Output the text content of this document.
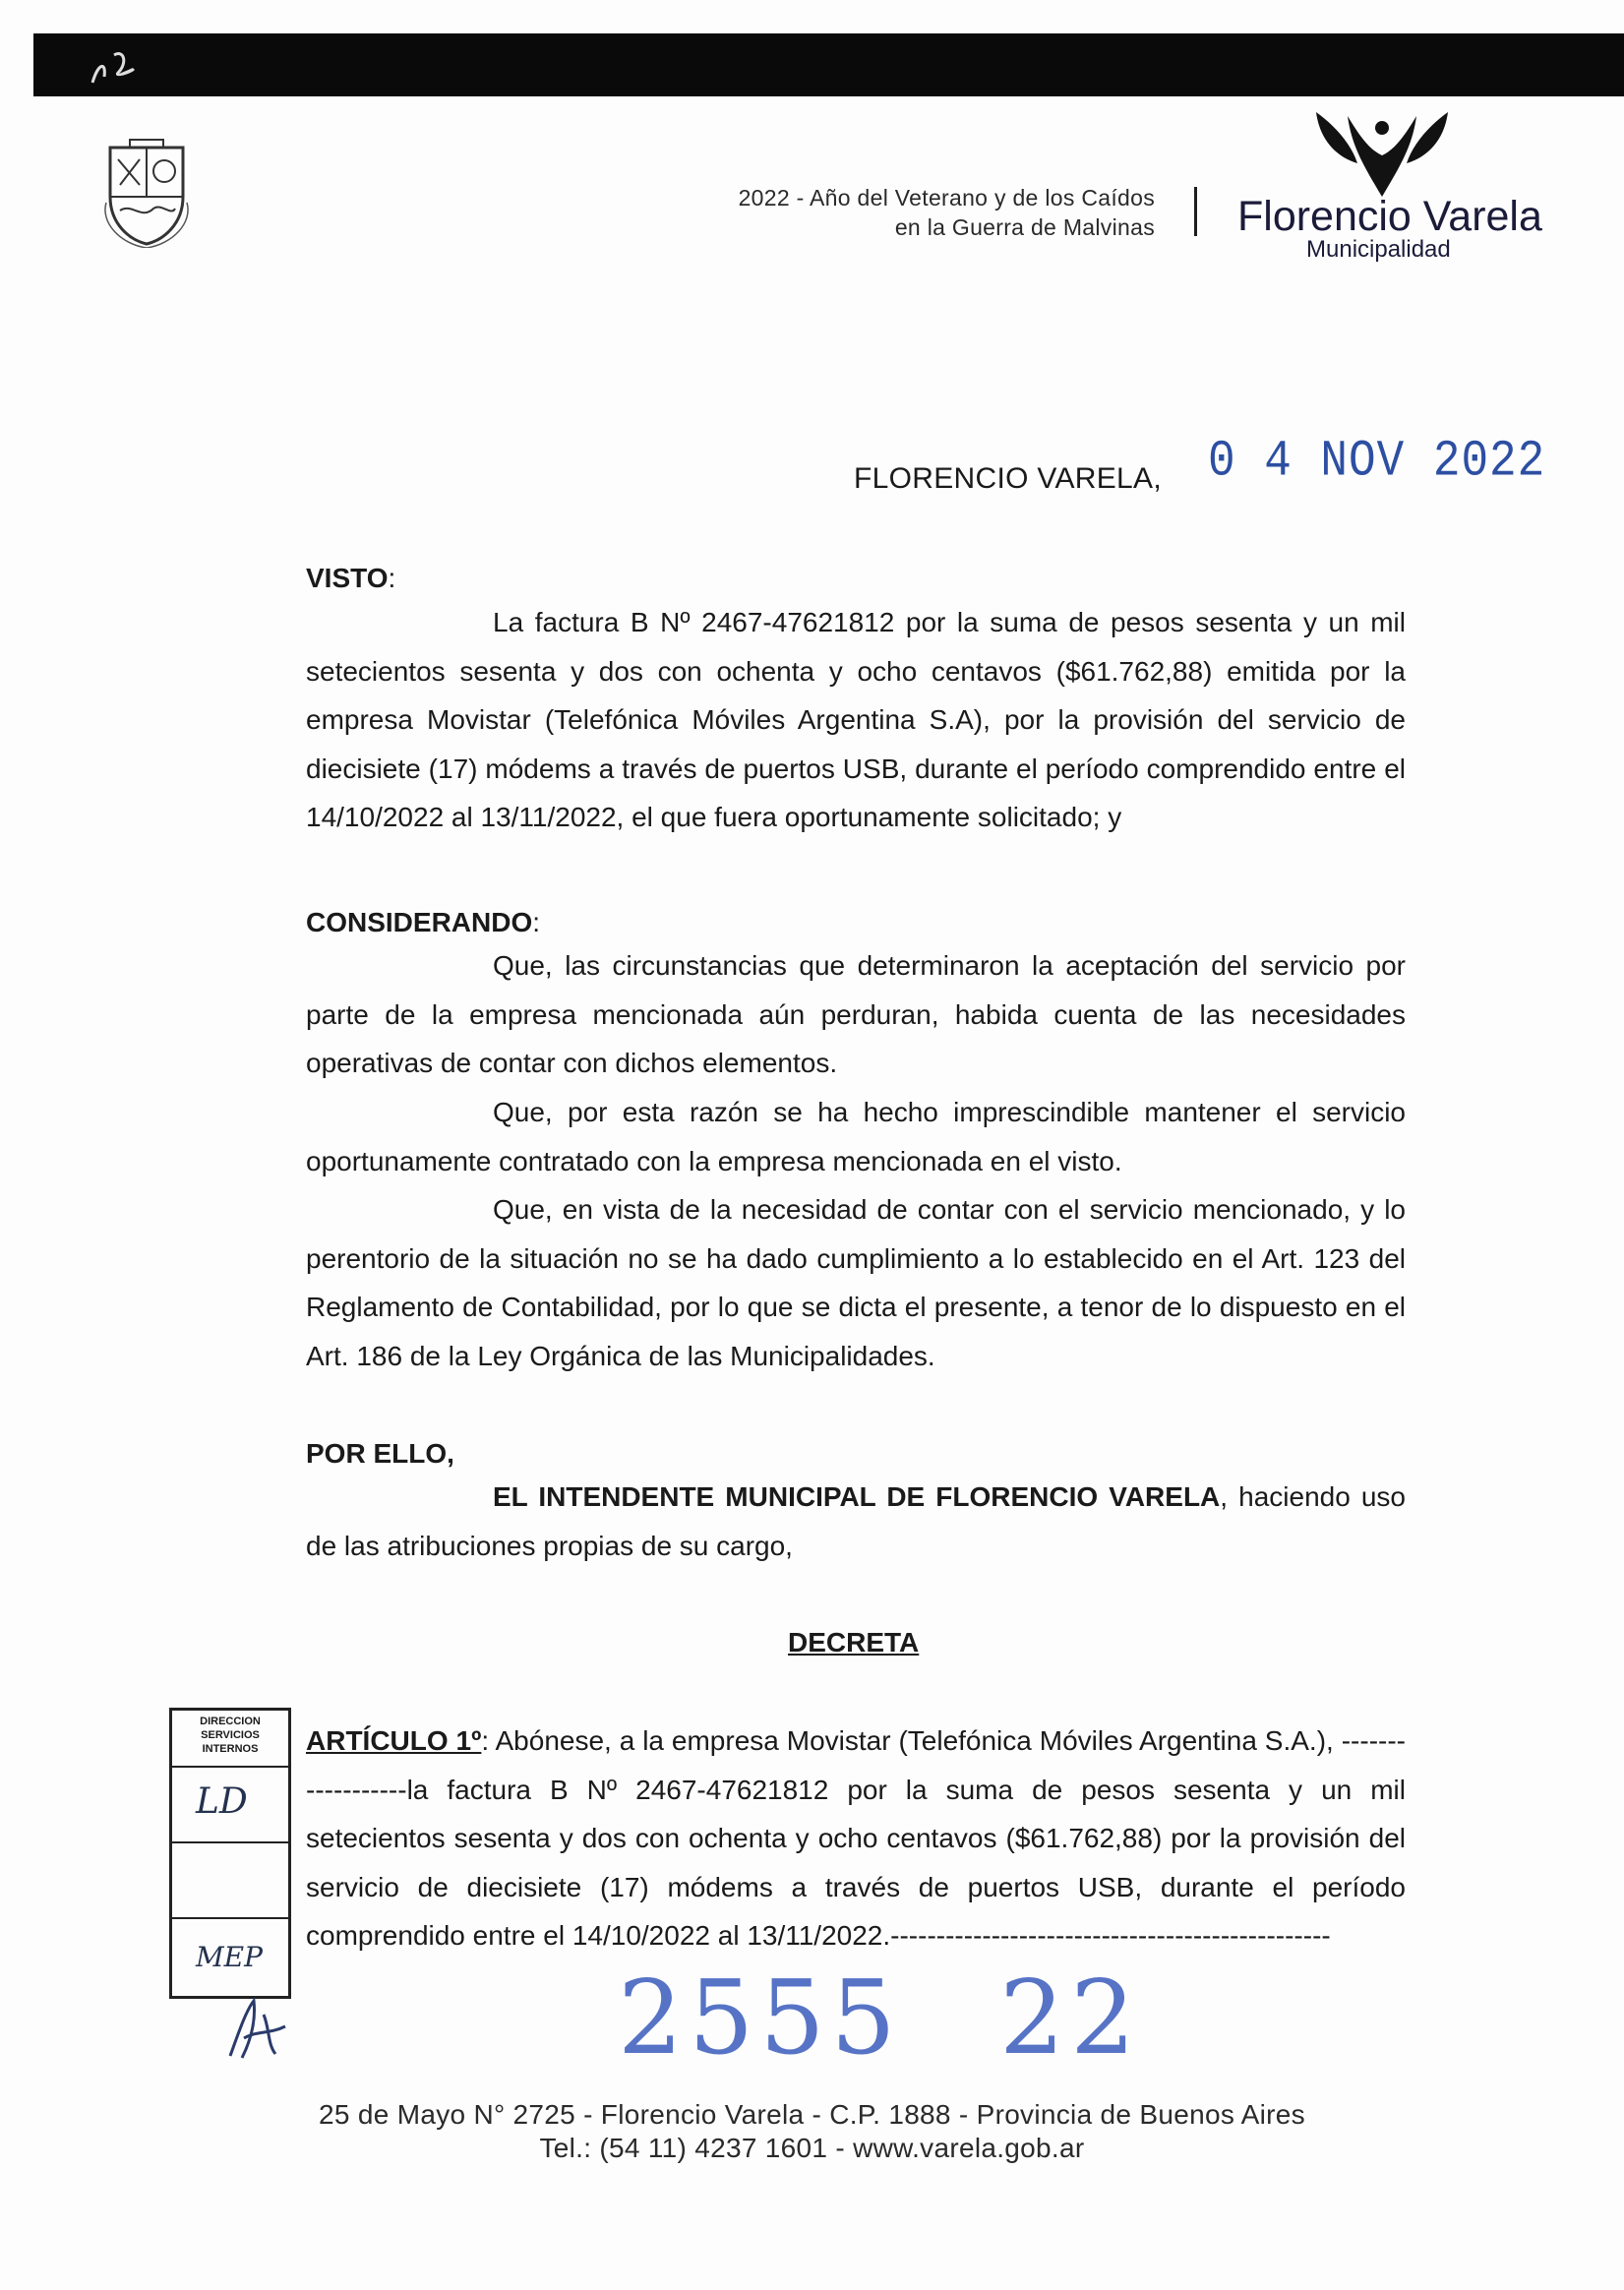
2022 - Año del Veterano y de los Caídos
en la Guerra de Malvinas Florencio Varela
Municipalidad
FLORENCIO VARELA, 0 4 NOV 2022
VISTO:

La factura B Nº 2467-47621812 por la suma de pesos sesenta y un mil setecientos sesenta y dos con ochenta y ocho centavos ($61.762,88) emitida por la empresa Movistar (Telefónica Móviles Argentina S.A), por la provisión del servicio de diecisiete (17) módems a través de puertos USB, durante el período comprendido entre el 14/10/2022 al 13/11/2022, el que fuera oportunamente solicitado; y

CONSIDERANDO:

Que, las circunstancias que determinaron la aceptación del servicio por parte de la empresa mencionada aún perduran, habida cuenta de las necesidades operativas de contar con dichos elementos.

Que, por esta razón se ha hecho imprescindible mantener el servicio oportunamente contratado con la empresa mencionada en el visto.

Que, en vista de la necesidad de contar con el servicio mencionado, y lo perentorio de la situación no se ha dado cumplimiento a lo establecido en el Art. 123 del Reglamento de Contabilidad, por lo que se dicta el presente, a tenor de lo dispuesto en el Art. 186 de la Ley Orgánica de las Municipalidades.

POR ELLO,

EL INTENDENTE MUNICIPAL DE FLORENCIO VARELA, haciendo uso de las atribuciones propias de su cargo,

DECRETA

ARTÍCULO 1º: Abónese, a la empresa Movistar (Telefónica Móviles Argentina S.A.), ------------------la factura B Nº 2467-47621812 por la suma de pesos sesenta y un mil setecientos sesenta y dos con ochenta y ocho centavos ($61.762,88) por la provisión del servicio de diecisiete (17) módems a través de puertos USB, durante el período comprendido entre el 14/10/2022 al 13/11/2022.------------------------------------------------

DIRECCION
SERVICIOS
INTERNOS
LD
MEP
2555 22
25 de Mayo N° 2725 - Florencio Varela - C.P. 1888 - Provincia de Buenos Aires
Tel.: (54 11) 4237 1601 - www.varela.gob.ar
